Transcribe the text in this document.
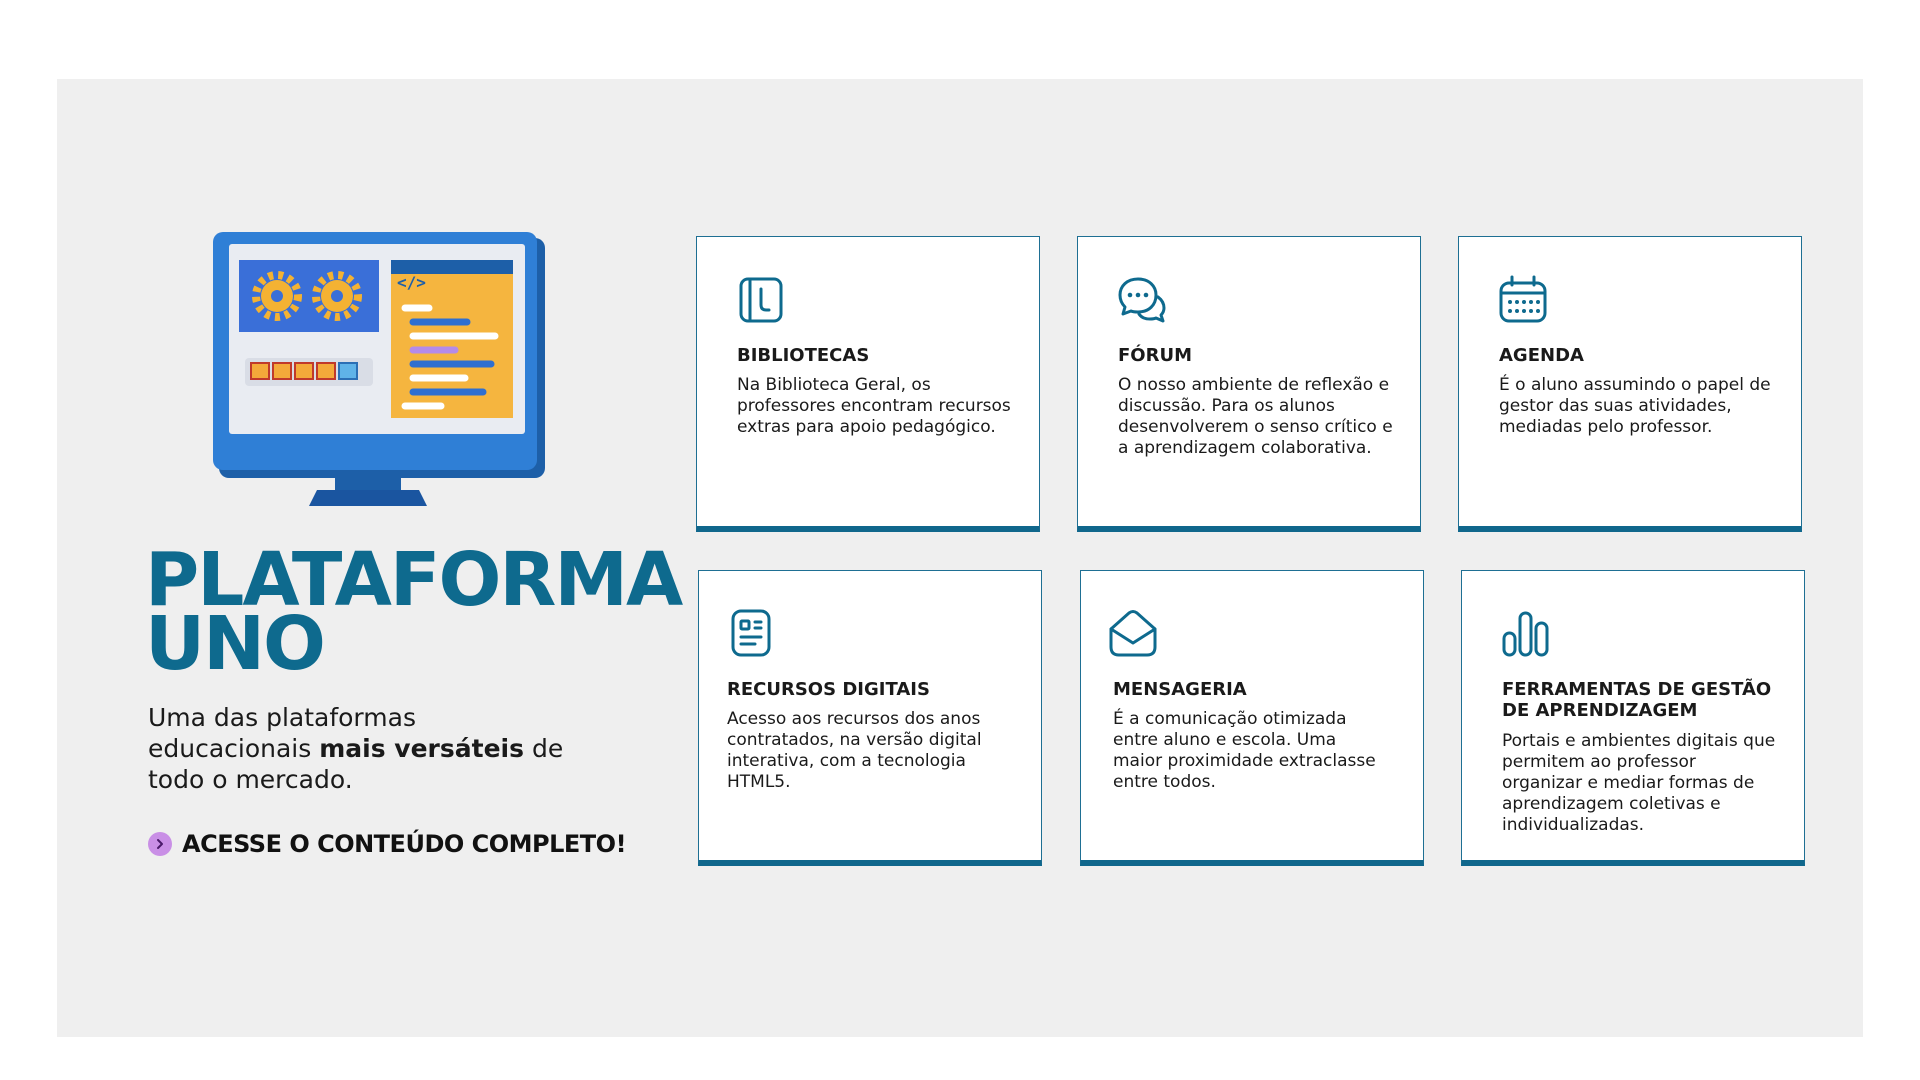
</>
PLATAFORMA
UNO

Uma das plataformas educacionais mais versáteis de todo o mercado.

ACESSE O CONTEÚDO COMPLETO!

BIBLIOTECAS

Na Biblioteca Geral, os professores encontram recursos extras para apoio pedagógico.

FÓRUM

O nosso ambiente de reflexão e discussão. Para os alunos desenvolverem o senso crítico e a aprendizagem colaborativa.

AGENDA

É o aluno assumindo o papel de gestor das suas atividades, mediadas pelo professor.

RECURSOS DIGITAIS

Acesso aos recursos dos anos contratados, na versão digital interativa, com a tecnologia HTML5.

MENSAGERIA

É a comunicação otimizada entre aluno e escola. Uma maior proximidade extraclasse entre todos.

FERRAMENTAS DE GESTÃO DE APRENDIZAGEM

Portais e ambientes digitais que permitem ao professor organizar e mediar formas de aprendizagem coletivas e individualizadas.
